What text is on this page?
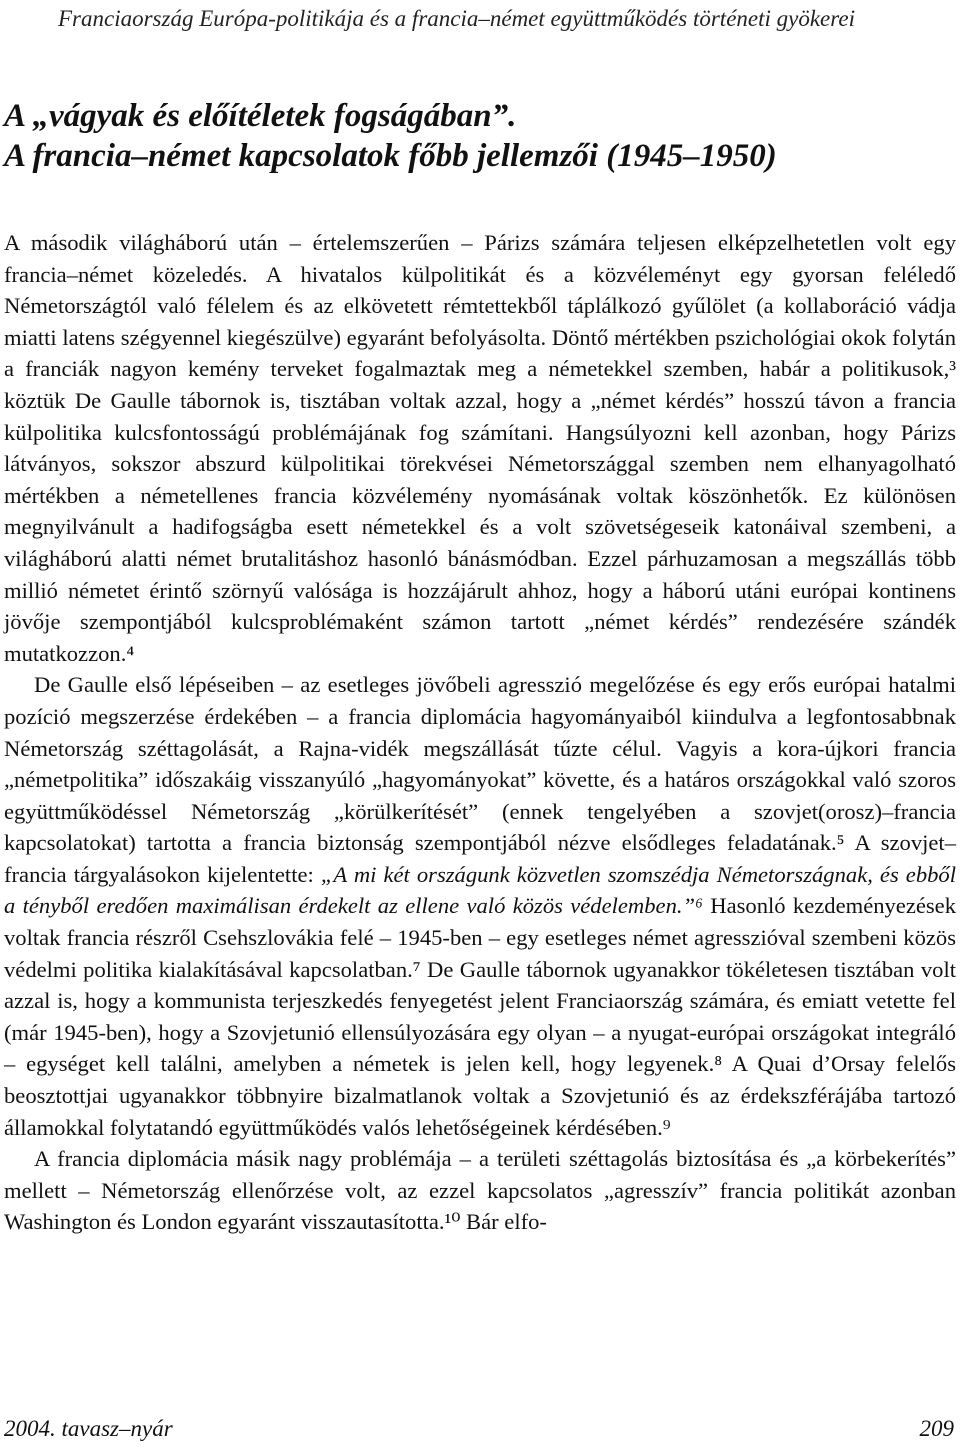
Franciaország Európa-politikája és a francia–német együttműködés történeti gyökerei
A „vágyak és előítéletek fogságában”.
A francia–német kapcsolatok főbb jellemzői (1945–1950)

A második világháború után – értelemszerűen – Párizs számára teljesen elképzelhetetlen volt egy francia–német közeledés. A hivatalos külpolitikát és a közvéleményt egy gyorsan feléledő Németországtól való félelem és az elkövetett rémtettekből táplálkozó gyűlölet (a kollaboráció vádja miatti latens szégyennel kiegészülve) egyaránt befolyásolta. Döntő mértékben pszichológiai okok folytán a franciák nagyon kemény terveket fogalmaztak meg a németekkel szemben, habár a politikusok,³ köztük De Gaulle tábornok is, tisztában voltak azzal, hogy a „német kérdés” hosszú távon a francia külpolitika kulcsfontosságú problémájának fog számítani. Hangsúlyozni kell azonban, hogy Párizs látványos, sokszor abszurd külpolitikai törekvései Németországgal szemben nem elhanyagolható mértékben a németellenes francia közvélemény nyomásának voltak köszönhetők. Ez különösen megnyilvánult a hadifogságba esett németekkel és a volt szövetségeseik katonáival szembeni, a világháború alatti német brutalitáshoz hasonló bánásmódban. Ezzel párhuzamosan a megszállás több millió németet érintő szörnyű valósága is hozzájárult ahhoz, hogy a háború utáni európai kontinens jövője szempontjából kulcsproblémaként számon tartott „német kérdés” rendezésére szándék mutatkozzon.⁴

De Gaulle első lépéseiben – az esetleges jövőbeli agresszió megelőzése és egy erős európai hatalmi pozíció megszerzése érdekében – a francia diplomácia hagyományaiból kiindulva a legfontosabbnak Németország széttagolását, a Rajna-vidék megszállását tűzte célul. Vagyis a kora-újkori francia „németpolitika” időszakáig visszanyúló „hagyományokat” követte, és a határos országokkal való szoros együttműködéssel Németország „körülkerítését” (ennek tengelyében a szovjet(orosz)–francia kapcsolatokat) tartotta a francia biztonság szempontjából nézve elsődleges feladatának.⁵ A szovjet–francia tárgyalásokon kijelentette: „A mi két országunk közvetlen szomszédja Németországnak, és ebből a tényből eredően maximálisan érdekelt az ellene való közös védelemben.”⁶ Hasonló kezdeményezések voltak francia részről Csehszlovákia felé – 1945-ben – egy esetleges német agresszióval szembeni közös védelmi politika kialakításával kapcsolatban.⁷ De Gaulle tábornok ugyanakkor tökéletesen tisztában volt azzal is, hogy a kommunista terjeszkedés fenyegetést jelent Franciaország számára, és emiatt vetette fel (már 1945-ben), hogy a Szovjetunió ellensúlyozására egy olyan – a nyugat-európai országokat integráló – egységet kell találni, amelyben a németek is jelen kell, hogy legyenek.⁸ A Quai d’Orsay felelős beosztottjai ugyanakkor többnyire bizalmatlanok voltak a Szovjetunió és az érdekszférájába tartozó államokkal folytatandó együttműködés valós lehetőségeinek kérdésében.⁹

A francia diplomácia másik nagy problémája – a területi széttagolás biztosítása és „a körbekerítés” mellett – Németország ellenőrzése volt, az ezzel kapcsolatos „agresszív” francia politikát azonban Washington és London egyaránt visszautasította.¹⁰ Bár elfo-

2004. tavasz–nyár	209
